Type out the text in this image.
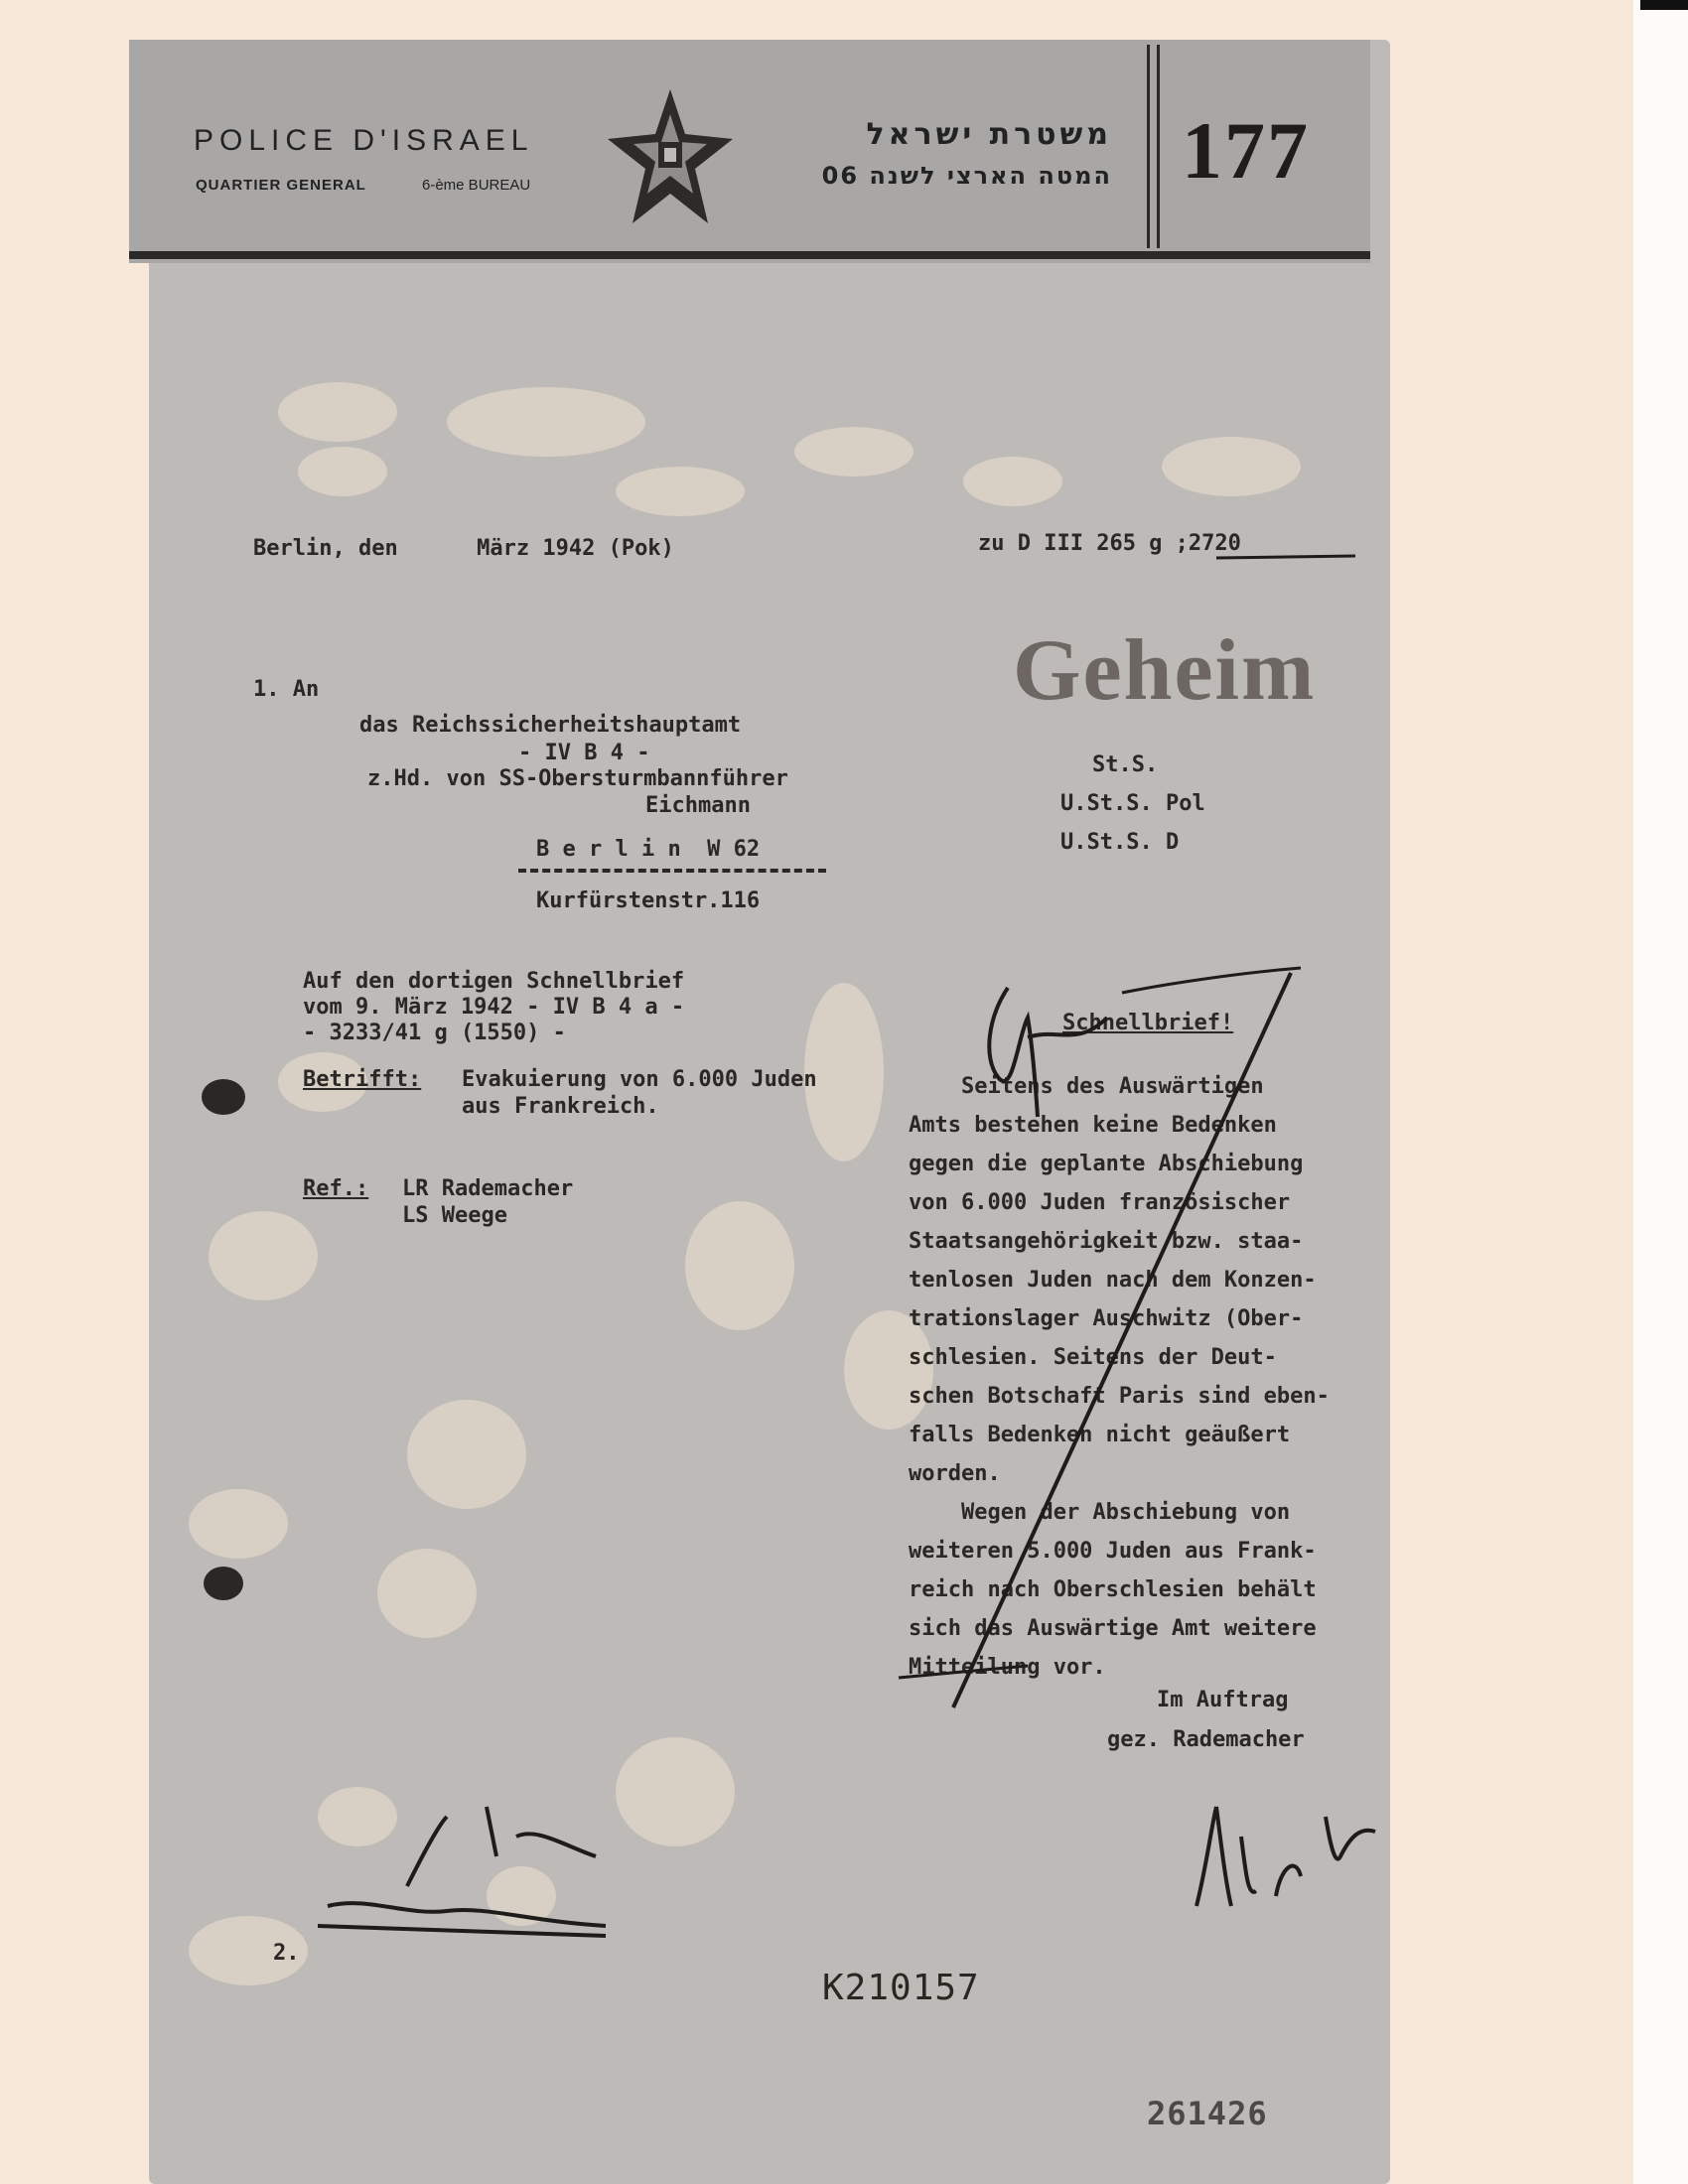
POLICE D'ISRAEL
QUARTIER GENERAL	6-ème BUREAU
משטרת ישראל
המטה הארצי לשנה 06 177
Berlin, den      März 1942 (Pok)	zu D III 265 g ;2720
Geheim
1. An
das Reichssicherheitshauptamt
- IV B 4 -
z.Hd. von SS-Obersturmbannführer
Eichmann
B e r l i n  W 62
Kurfürstenstr.116
St.S.
U.St.S. Pol
U.St.S. D
Auf den dortigen Schnellbrief
vom 9. März 1942 - IV B 4 a -
- 3233/41 g (1550) -
Betrifft: Evakuierung von 6.000 Juden
aus Frankreich.
Ref.: LR Rademacher
LS Weege
Schnellbrief!
Seitens des Auswärtigen
Amts bestehen keine Bedenken
gegen die geplante Abschiebung
von 6.000 Juden französischer
Staatsangehörigkeit bzw. staa-
tenlosen Juden nach dem Konzen-
trationslager Auschwitz (Ober-
schlesien. Seitens der Deut-
schen Botschaft Paris sind eben-
falls Bedenken nicht geäußert
worden.
Wegen der Abschiebung von
weiteren 5.000 Juden aus Frank-
reich nach Oberschlesien behält
sich das Auswärtige Amt weitere
Mitteilung vor.
Im Auftrag
gez. Rademacher
2.
K210157
261426
